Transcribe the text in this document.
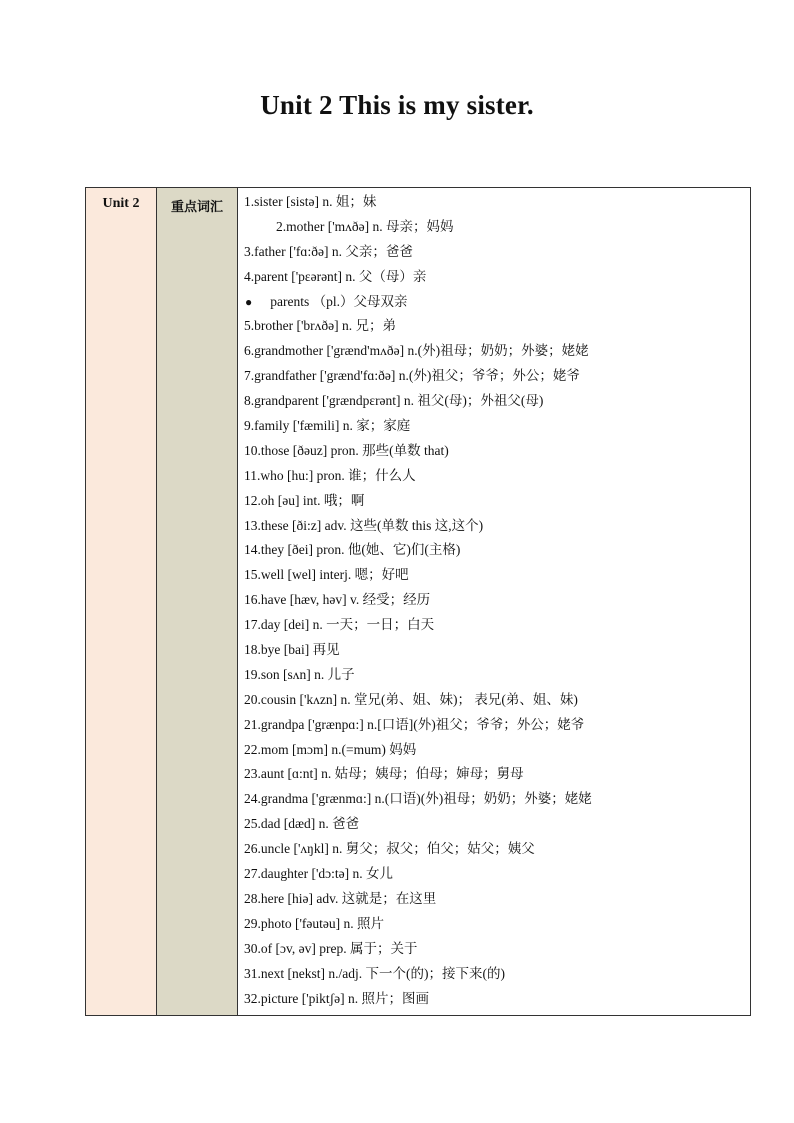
Unit 2 This is my sister.
Unit 2	重点词汇	1.sister [sistə] n. 姐；妹
2.mother ['mʌðə] n. 母亲；妈妈
3.father ['fɑ:ðə] n. 父亲；爸爸
4.parent ['pɛərənt] n. 父（母）亲
● parents （pl.）父母双亲
5.brother ['brʌðə] n. 兄；弟
6.grandmother ['grænd'mʌðə] n.(外)祖母；奶奶；外婆；姥姥
7.grandfather ['grænd'fɑ:ðə] n.(外)祖父；爷爷；外公；姥爷
8.grandparent ['grændpɛrənt] n. 祖父(母)；外祖父(母)
9.family ['fæmili] n. 家；家庭
10.those [ðəuz] pron. 那些(单数 that)
11.who [hu:] pron. 谁；什么人
12.oh [əu] int. 哦；啊
13.these [ði:z] adv. 这些(单数 this 这,这个)
14.they [ðei] pron. 他(她、它)们(主格)
15.well [wel] interj. 嗯；好吧
16.have [hæv, həv] v. 经受；经历
17.day [dei] n. 一天；一日；白天
18.bye [bai] 再见
19.son [sʌn] n. 儿子
20.cousin ['kʌzn] n. 堂兄(弟、姐、妹)； 表兄(弟、姐、妹)
21.grandpa ['grænpɑ:] n.[口语](外)祖父；爷爷；外公；姥爷
22.mom [mɔm] n.(=mum) 妈妈
23.aunt [ɑ:nt] n. 姑母；姨母；伯母；婶母；舅母
24.grandma ['grænmɑ:] n.(口语)(外)祖母；奶奶；外婆；姥姥
25.dad [dæd] n. 爸爸
26.uncle ['ʌŋkl] n. 舅父；叔父；伯父；姑父；姨父
27.daughter ['dɔ:tə] n. 女儿
28.here [hiə] adv. 这就是；在这里
29.photo ['fəutəu] n. 照片
30.of [ɔv, əv] prep. 属于；关于
31.next [nekst] n./adj. 下一个(的)；接下来(的)
32.picture ['piktʃə] n. 照片；图画
